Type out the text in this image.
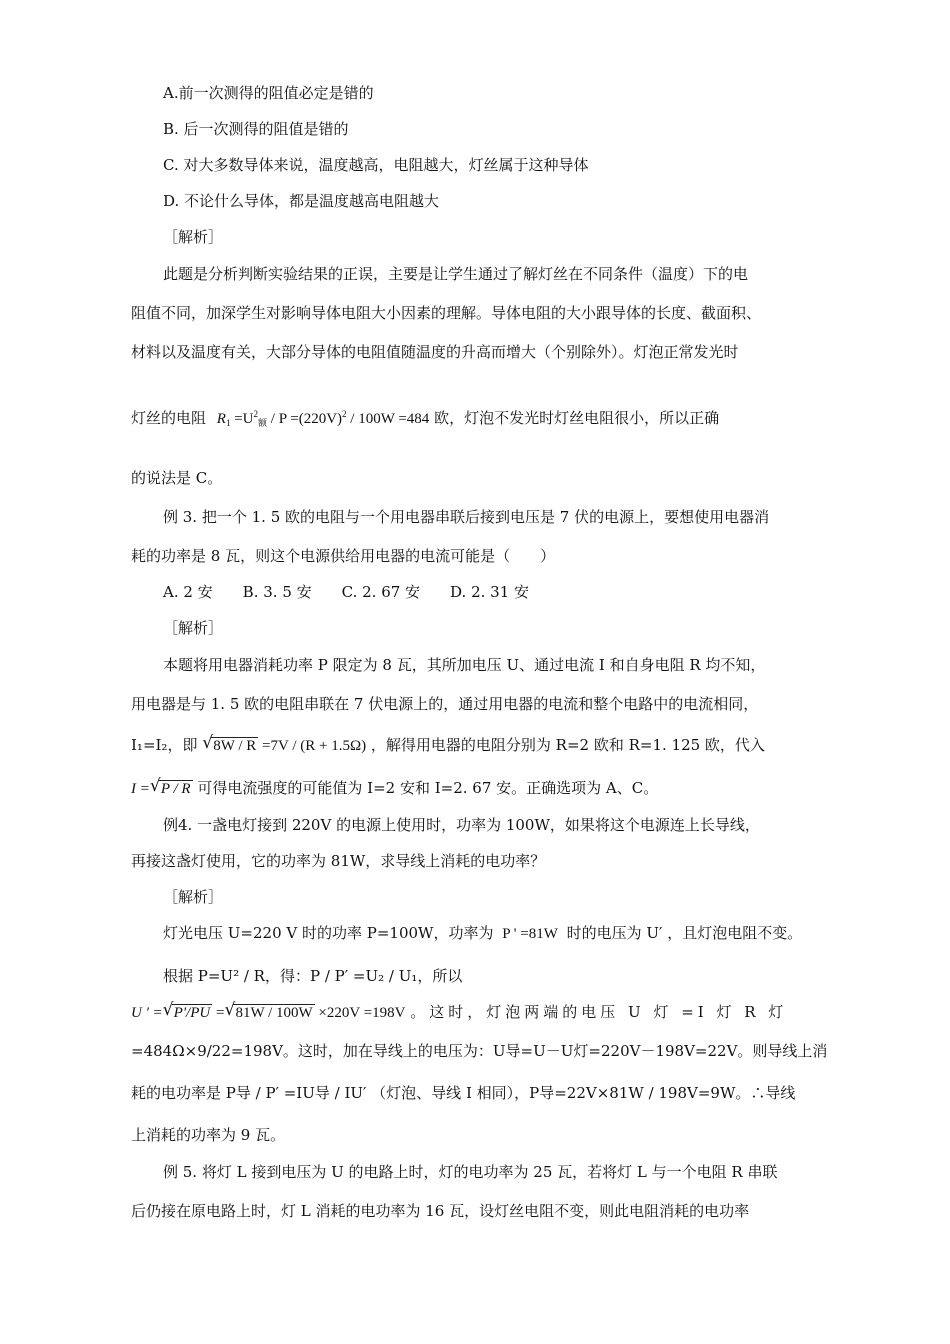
A.前一次测得的阻值必定是错的
B. 后一次测得的阻值是错的
C. 对大多数导体来说，温度越高，电阻越大，灯丝属于这种导体
D. 不论什么导体，都是温度越高电阻越大
［解析］
此题是分析判断实验结果的正误，主要是让学生通过了解灯丝在不同条件（温度）下的电
阻值不同，加深学生对影响导体电阻大小因素的理解。导体电阻的大小跟导体的长度、截面积、
材料以及温度有关，大部分导体的电阻值随温度的升高而增大（个别除外）。灯泡正常发光时
灯丝的电阻 $R_1 =U^2_额 / P =(220V)^2 / 100W =484$ 欧，灯泡不发光时灯丝电阻很小，所以正确
的说法是 C。
例 3. 把一个 1. 5 欧的电阻与一个用电器串联后接到电压是 7 伏的电源上，要想使用电器消
耗的功率是 8 瓦，则这个电源供给用电器的电流可能是（　　）
A. 2 安　　B. 3. 5 安　　C. 2. 67 安　　D. 2. 31 安
［解析］
本题将用电器消耗功率 P 限定为 8 瓦，其所加电压 U、通过电流 I 和自身电阻 R 均不知，
用电器是与 1. 5 欧的电阻串联在 7 伏电源上的，通过用电器的电流和整个电路中的电流相同，
I₁=I₂，即 √ 8W / R =7V / (R + 1.5Ω) ，解得用电器的电阻分别为 R=2 欧和 R=1. 125 欧，代入
I = √ P / R 可得电流强度的可能值为 I=2 安和 I=2. 67 安。正确选项为 A、C。
例4. 一盏电灯接到 220V 的电源上使用时，功率为 100W，如果将这个电源连上长导线，
再接这盏灯使用，它的功率为 81W，求导线上消耗的电功率？
［解析］
灯光电压 U=220 V 时的功率 P=100W，功率为 P ' =81W 时的电压为 U′ ，且灯泡电阻不变。
根据 P=U² / R，得：P / P′ =U₂ / U₁，所以
U ' = √ P'/PU = √ 81W / 100W ×220V =198V 。这时，灯泡两端的电压 U 灯 =I 灯 R 灯
=484Ω×9/22=198V。这时，加在导线上的电压为：U导=U－U灯=220V－198V=22V。则导线上消
耗的电功率是 P导 / P′ =IU导 / IU′ （灯泡、导线 I 相同），P导=22V×81W / 198V=9W。∴导线
上消耗的功率为 9 瓦。
例 5. 将灯 L 接到电压为 U 的电路上时，灯的电功率为 25 瓦，若将灯 L 与一个电阻 R 串联
后仍接在原电路上时，灯 L 消耗的电功率为 16 瓦，设灯丝电阻不变，则此电阻消耗的电功率
